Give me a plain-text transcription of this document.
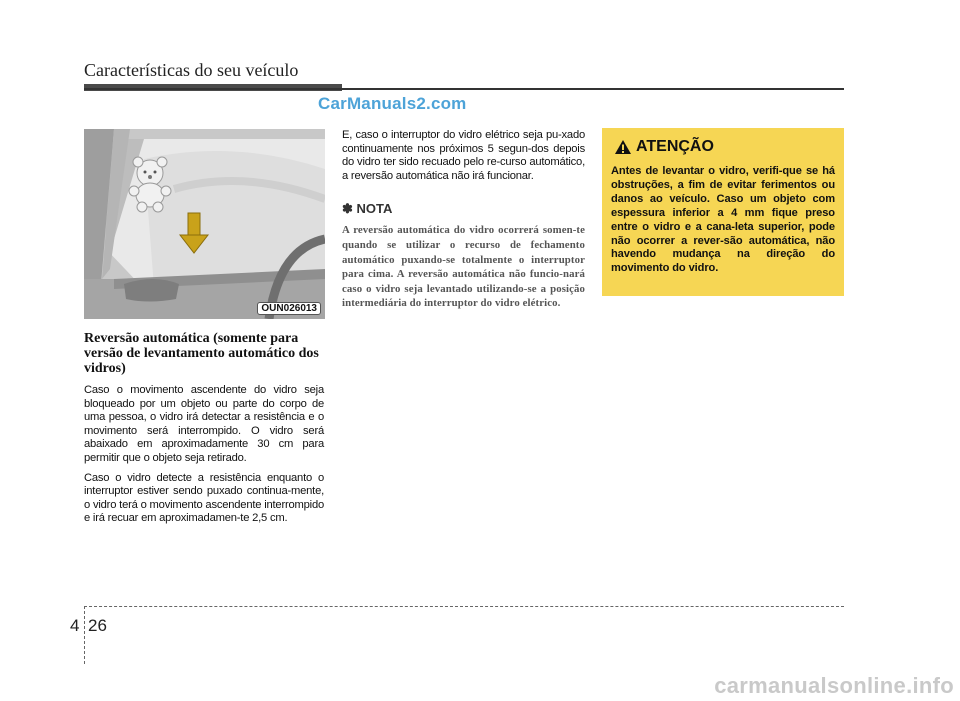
Características do seu veículo
CarManuals2.com
OUN026013
Reversão automática (somente para versão de levantamento automático dos vidros)

Caso o movimento ascendente do vidro seja bloqueado por um objeto ou parte do corpo de uma pessoa, o vidro irá detectar a resistência e o movimento será interrompido. O vidro será abaixado em aproximadamente 30 cm para permitir que o objeto seja retirado.

Caso o vidro detecte a resistência enquanto o interruptor estiver sendo puxado continua-mente, o vidro terá o movimento ascendente interrompido e irá recuar em aproximadamen-te 2,5 cm.

E, caso o interruptor do vidro elétrico seja pu-xado continuamente nos próximos 5 segun-dos depois do vidro ter sido recuado pelo re-curso automático, a reversão automática não irá funcionar.

✽ NOTA

A reversão automática do vidro ocorrerá somen-te quando se utilizar o recurso de fechamento automático puxando-se totalmente o interruptor para cima. A reversão automática não funcio-nará caso o vidro seja levantado utilizando-se a posição intermediária do interruptor do vidro elétrico.

ATENÇÃO

Antes de levantar o vidro, verifi-que se há obstruções, a fim de evitar ferimentos ou danos ao veículo. Caso um objeto com espessura inferior a 4 mm fique preso entre o vidro e a cana-leta superior, pode não ocorrer a rever-são automática, não havendo mudança na direção do movimento do vidro.

4 26
carmanualsonline.info
